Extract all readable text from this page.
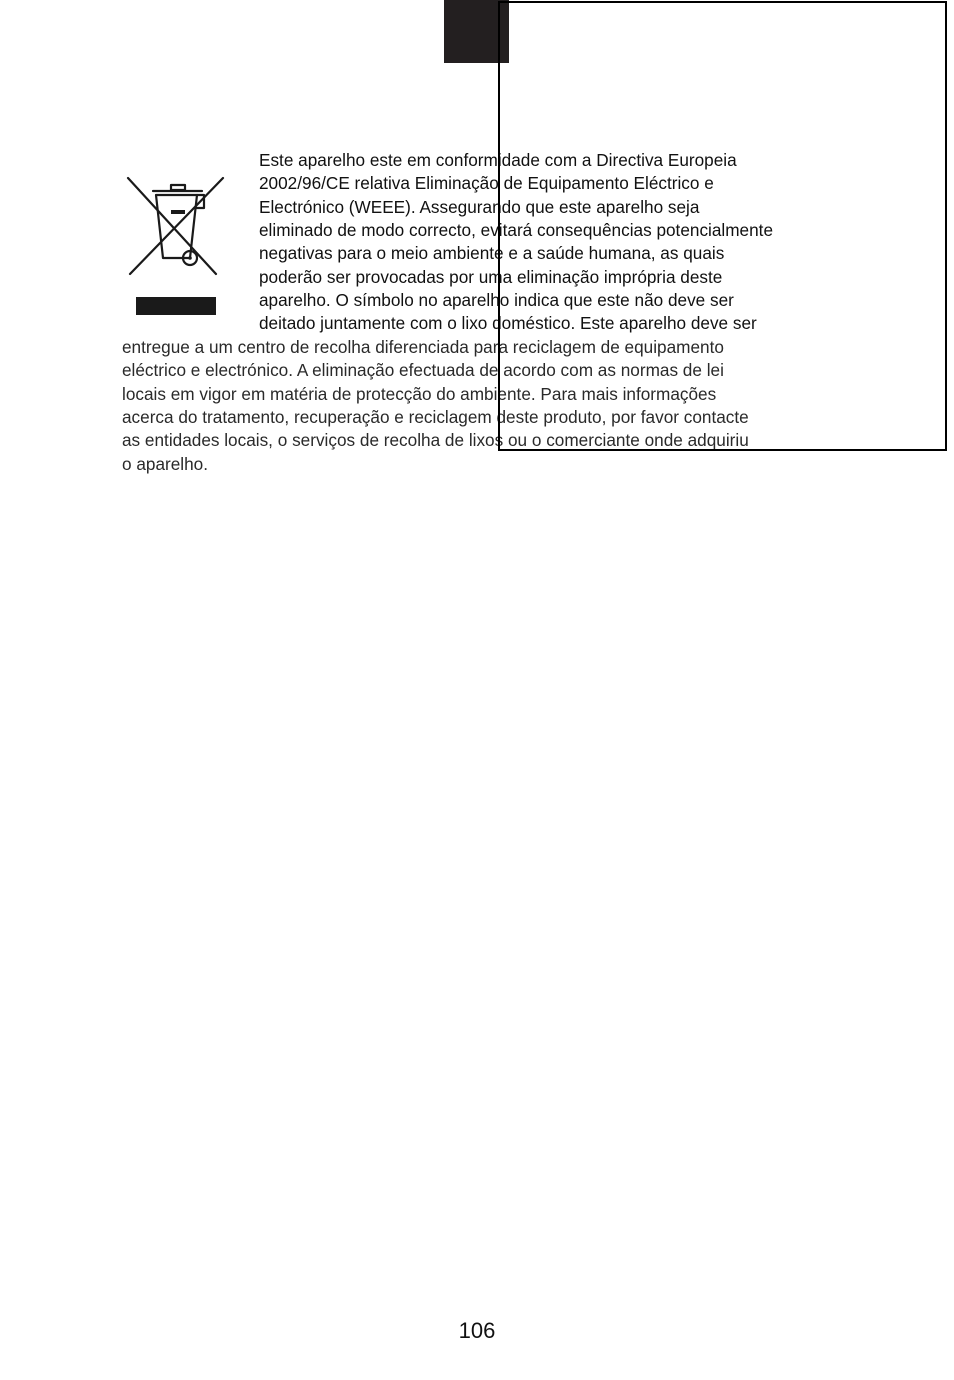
Este aparelho este em conformidade com a Directiva Europeia
2002/96/CE relativa Eliminação de Equipamento Eléctrico e
Electrónico (WEEE). Assegurando que este aparelho seja
eliminado de modo correcto, evitará consequências potencialmente
negativas para o meio ambiente e a saúde humana, as quais
poderão ser provocadas por uma eliminação imprópria deste
aparelho. O símbolo no aparelho indica que este não deve ser
deitado juntamente com o lixo doméstico. Este aparelho deve ser

entregue a um centro de recolha diferenciada para reciclagem de equipamento
eléctrico e electrónico. A eliminação efectuada de acordo com as normas de lei
locais em vigor em matéria de protecção do ambiente. Para mais informações
acerca do tratamento, recuperação e reciclagem deste produto, por favor contacte
as entidades locais, o serviços de recolha de lixos ou o comerciante onde adquiriu
o aparelho.

106
